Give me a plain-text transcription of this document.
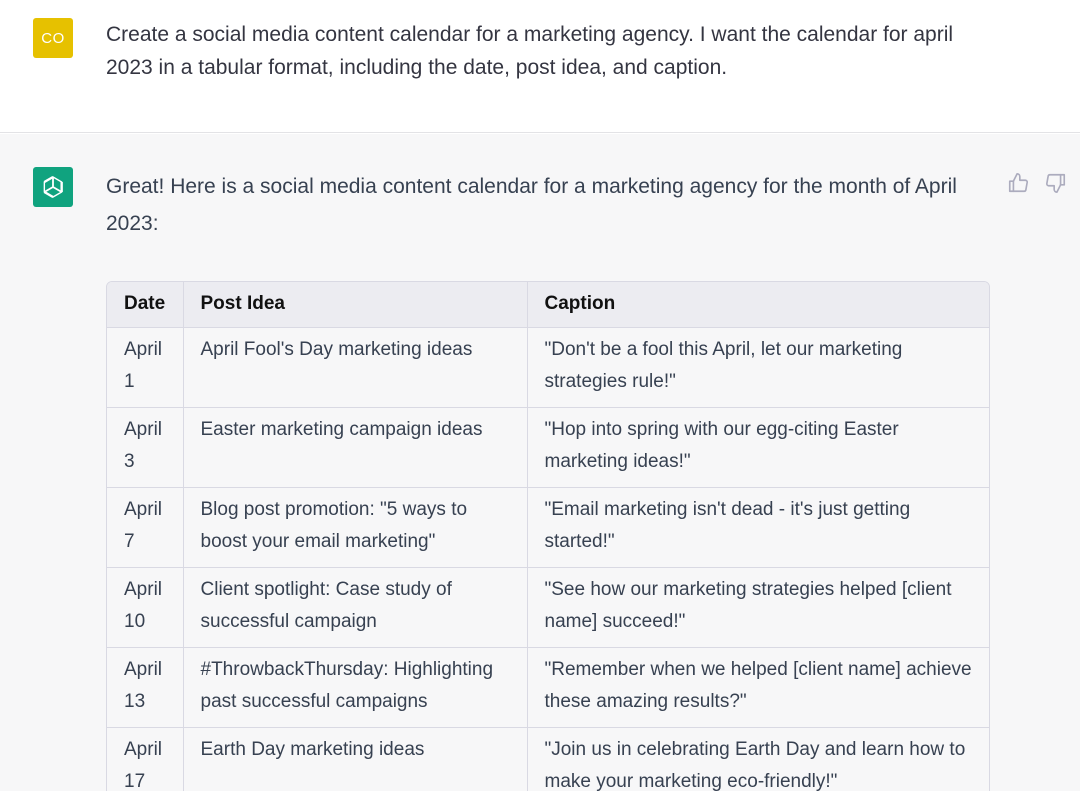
CO	Create a social media content calendar for a marketing agency. I want the calendar for april 2023 in a tabular format, including the date, post idea, and caption.
Great! Here is a social media content calendar for a marketing agency for the month of April 2023:
Date	Post Idea	Caption
April 1	April Fool's Day marketing ideas	"Don't be a fool this April, let our marketing strategies rule!"
April 3	Easter marketing campaign ideas	"Hop into spring with our egg-citing Easter marketing ideas!"
April 7	Blog post promotion: "5 ways to boost your email marketing"	"Email marketing isn't dead - it's just getting started!"
April 10	Client spotlight: Case study of successful campaign	"See how our marketing strategies helped [client name] succeed!"
April 13	#ThrowbackThursday: Highlighting past successful campaigns	"Remember when we helped [client name] achieve these amazing results?"
April 17	Earth Day marketing ideas	"Join us in celebrating Earth Day and learn how to make your marketing eco-friendly!"
